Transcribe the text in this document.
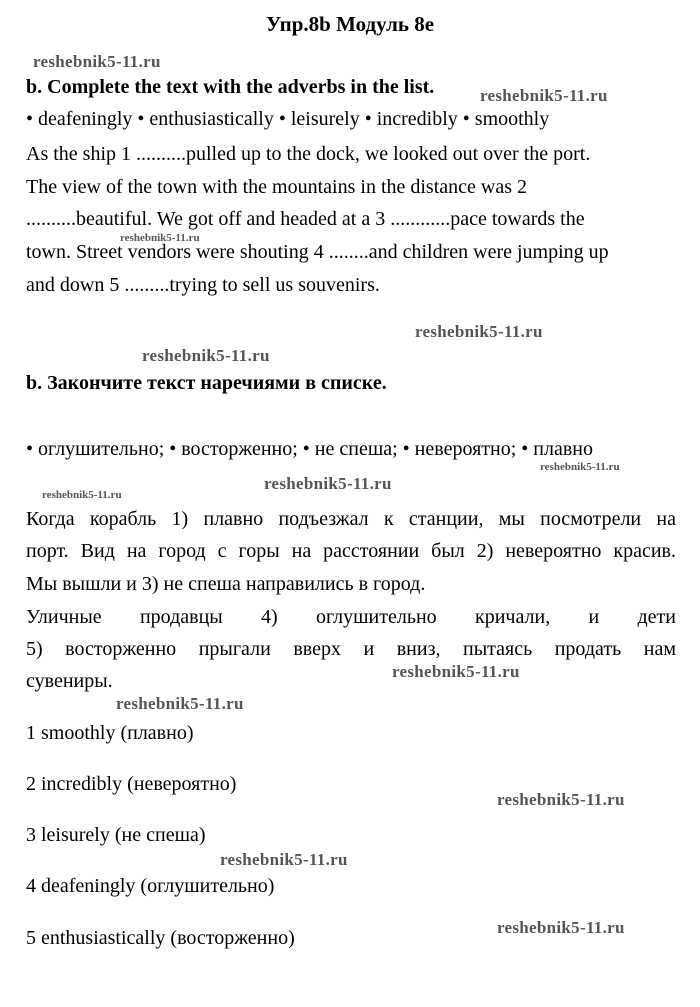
Упр.8b Модуль 8e
b. Complete the text with the adverbs in the list.
• deafeningly • enthusiastically • leisurely • incredibly • smoothly
As the ship 1 ..........pulled up to the dock, we looked out over the port.
The view of the town with the mountains in the distance was 2
..........beautiful. We got off and headed at a 3 ............pace towards the
town. Street vendors were shouting 4 ........and children were jumping up
and down 5 .........trying to sell us souvenirs.
b. Закончите текст наречиями в списке.
• оглушительно; • восторженно; • не спеша; • невероятно; • плавно
Когда корабль 1) плавно подъезжал к станции, мы посмотрели на
порт. Вид на город с горы на расстоянии был 2) невероятно красив.
Мы вышли и 3) не спеша направились в город.
Уличные продавцы 4) оглушительно кричали, и дети
5) восторженно прыгали вверх и вниз, пытаясь продать нам
сувениры.
1 smoothly (плавно)
2 incredibly (невероятно)
3 leisurely (не спеша)
4 deafeningly (оглушительно)
5 enthusiastically (восторженно)
reshebnik5-11.ru
reshebnik5-11.ru
reshebnik5-11.ru
reshebnik5-11.ru
reshebnik5-11.ru
reshebnik5-11.ru
reshebnik5-11.ru
reshebnik5-11.ru
reshebnik5-11.ru
reshebnik5-11.ru
reshebnik5-11.ru
reshebnik5-11.ru
reshebnik5-11.ru
